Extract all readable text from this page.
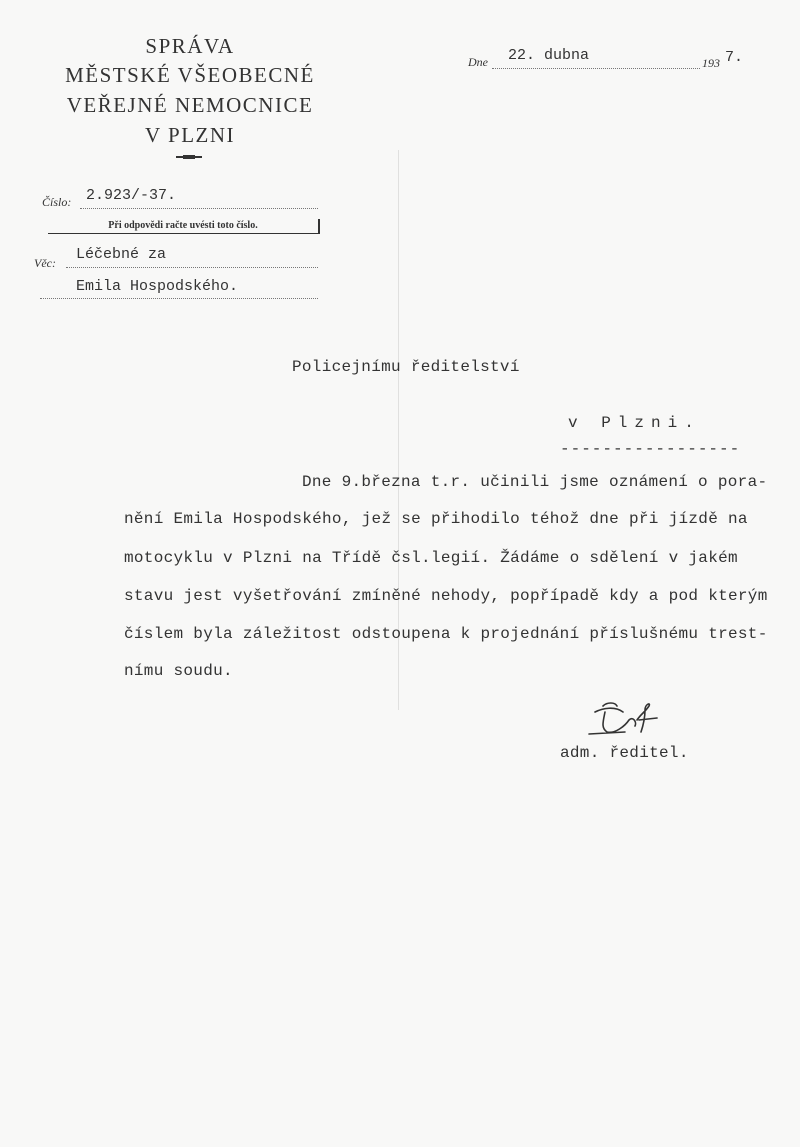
SPRÁVA
MĚSTSKÉ VŠEOBECNÉ
VEŘEJNÉ NEMOCNICE
V PLZNI
Dne 22. dubna	193 7.
Číslo: 2.923/-37.
Při odpovědi račte uvésti toto číslo.
Věc: Léčebné za
Emila Hospodského.
Policejnímu ředitelství
v Plzni.
-----------------
Dne 9.března t.r. učinili jsme oznámení o pora-
nění Emila Hospodského, jež se přihodilo téhož dne při jízdě na
motocyklu v Plzni na Třídě čsl.legií. Žádáme o sdělení v jakém
stavu jest vyšetřování zmíněné nehody, popřípadě kdy a pod kterým
číslem byla záležitost odstoupena k projednání příslušnému trest-
nímu soudu.
adm. ředitel.
